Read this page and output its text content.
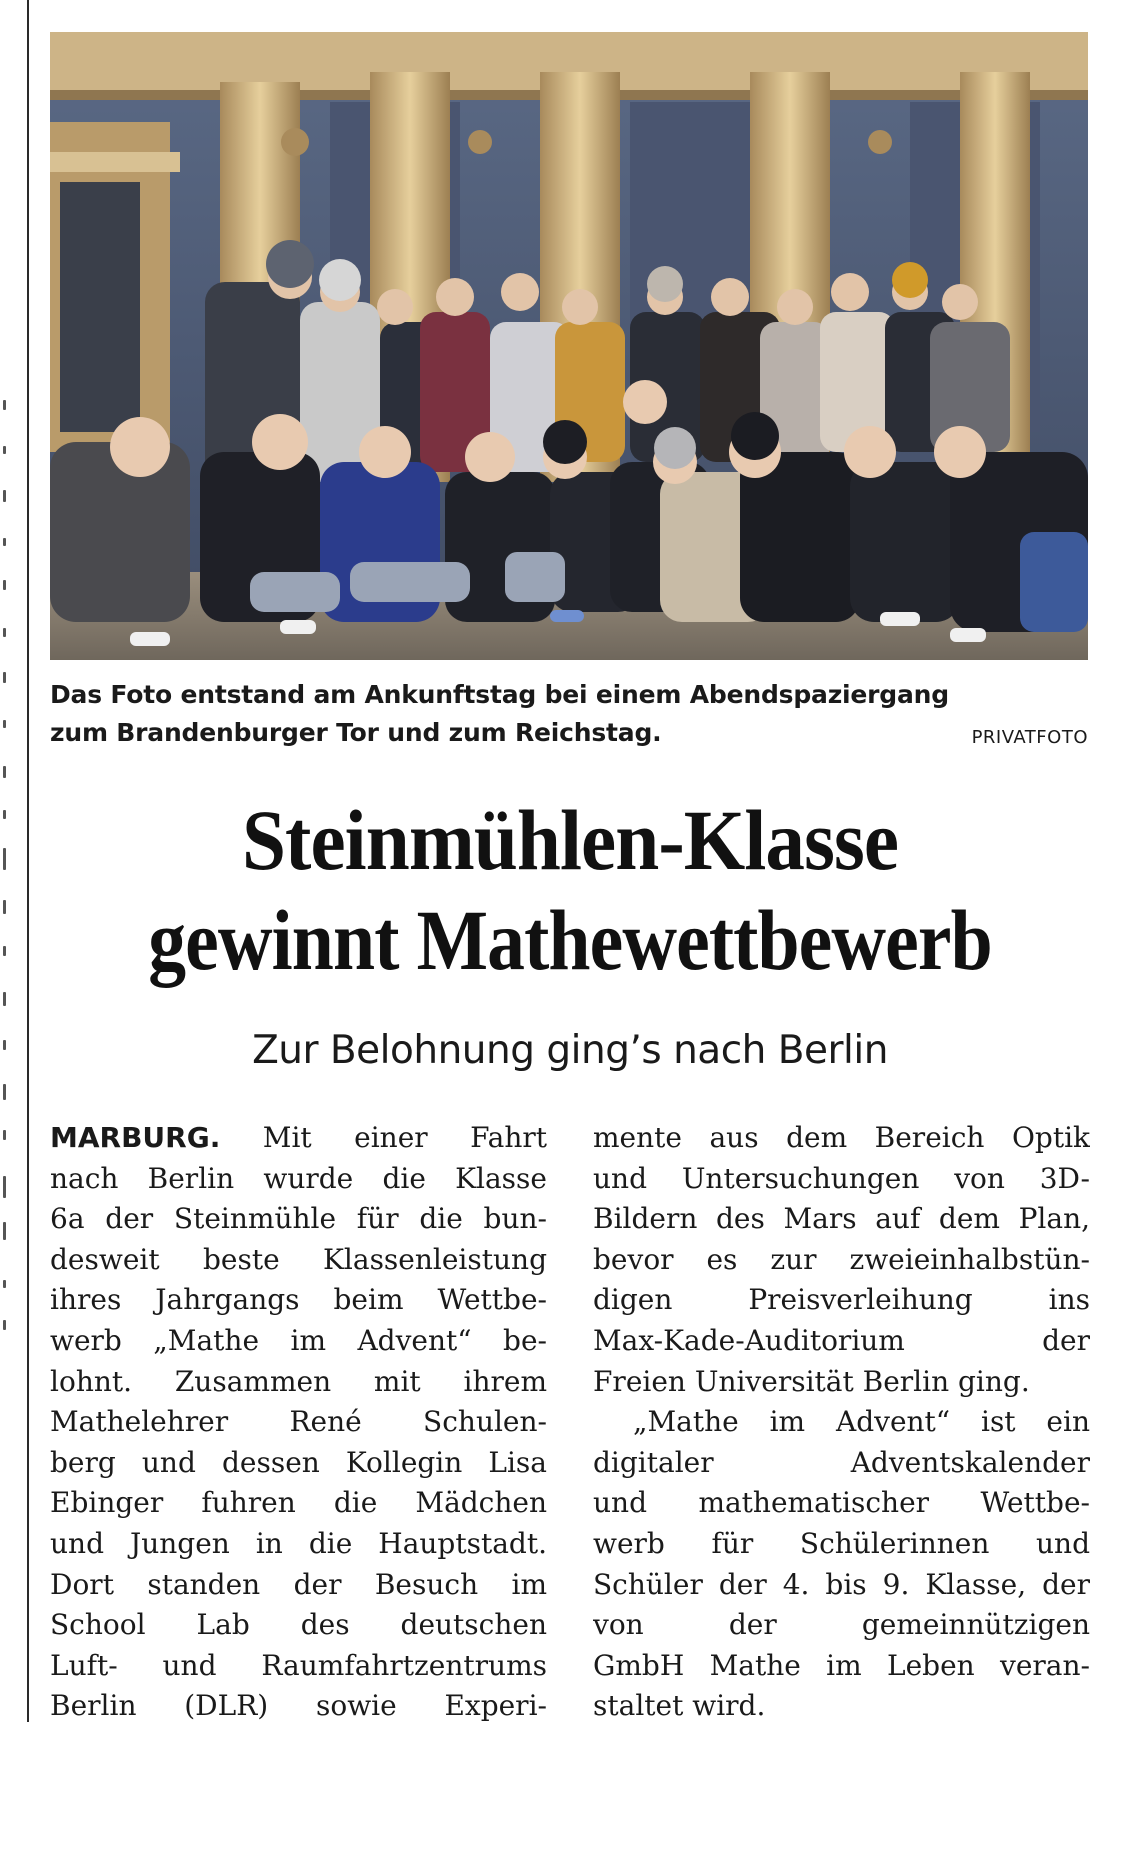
Das Foto entstand am Ankunftstag bei einem Abendspaziergang
zum Brandenburger Tor und zum Reichstag.	PRIVATFOTO
Steinmühlen-Klasse
gewinnt Mathewettbewerb
Zur Belohnung ging’s nach Berlin
MARBURG. Mit einer Fahrt
nach Berlin wurde die Klasse
6a der Steinmühle für die bun-
desweit beste Klassenleistung
ihres Jahrgangs beim Wettbe-
werb „Mathe im Advent“ be-
lohnt. Zusammen mit ihrem
Mathelehrer René Schulen-
berg und dessen Kollegin Lisa
Ebinger fuhren die Mädchen
und Jungen in die Hauptstadt.
Dort standen der Besuch im
School Lab des deutschen
Luft- und Raumfahrtzentrums
Berlin (DLR) sowie Experi-
mente aus dem Bereich Optik
und Untersuchungen von 3D-
Bildern des Mars auf dem Plan,
bevor es zur zweieinhalbstün-
digen Preisverleihung ins
Max-Kade-Auditorium der
Freien Universität Berlin ging.
„Mathe im Advent“ ist ein
digitaler Adventskalender
und mathematischer Wettbe-
werb für Schülerinnen und
Schüler der 4. bis 9. Klasse, der
von der gemeinnützigen
GmbH Mathe im Leben veran-
staltet wird.
